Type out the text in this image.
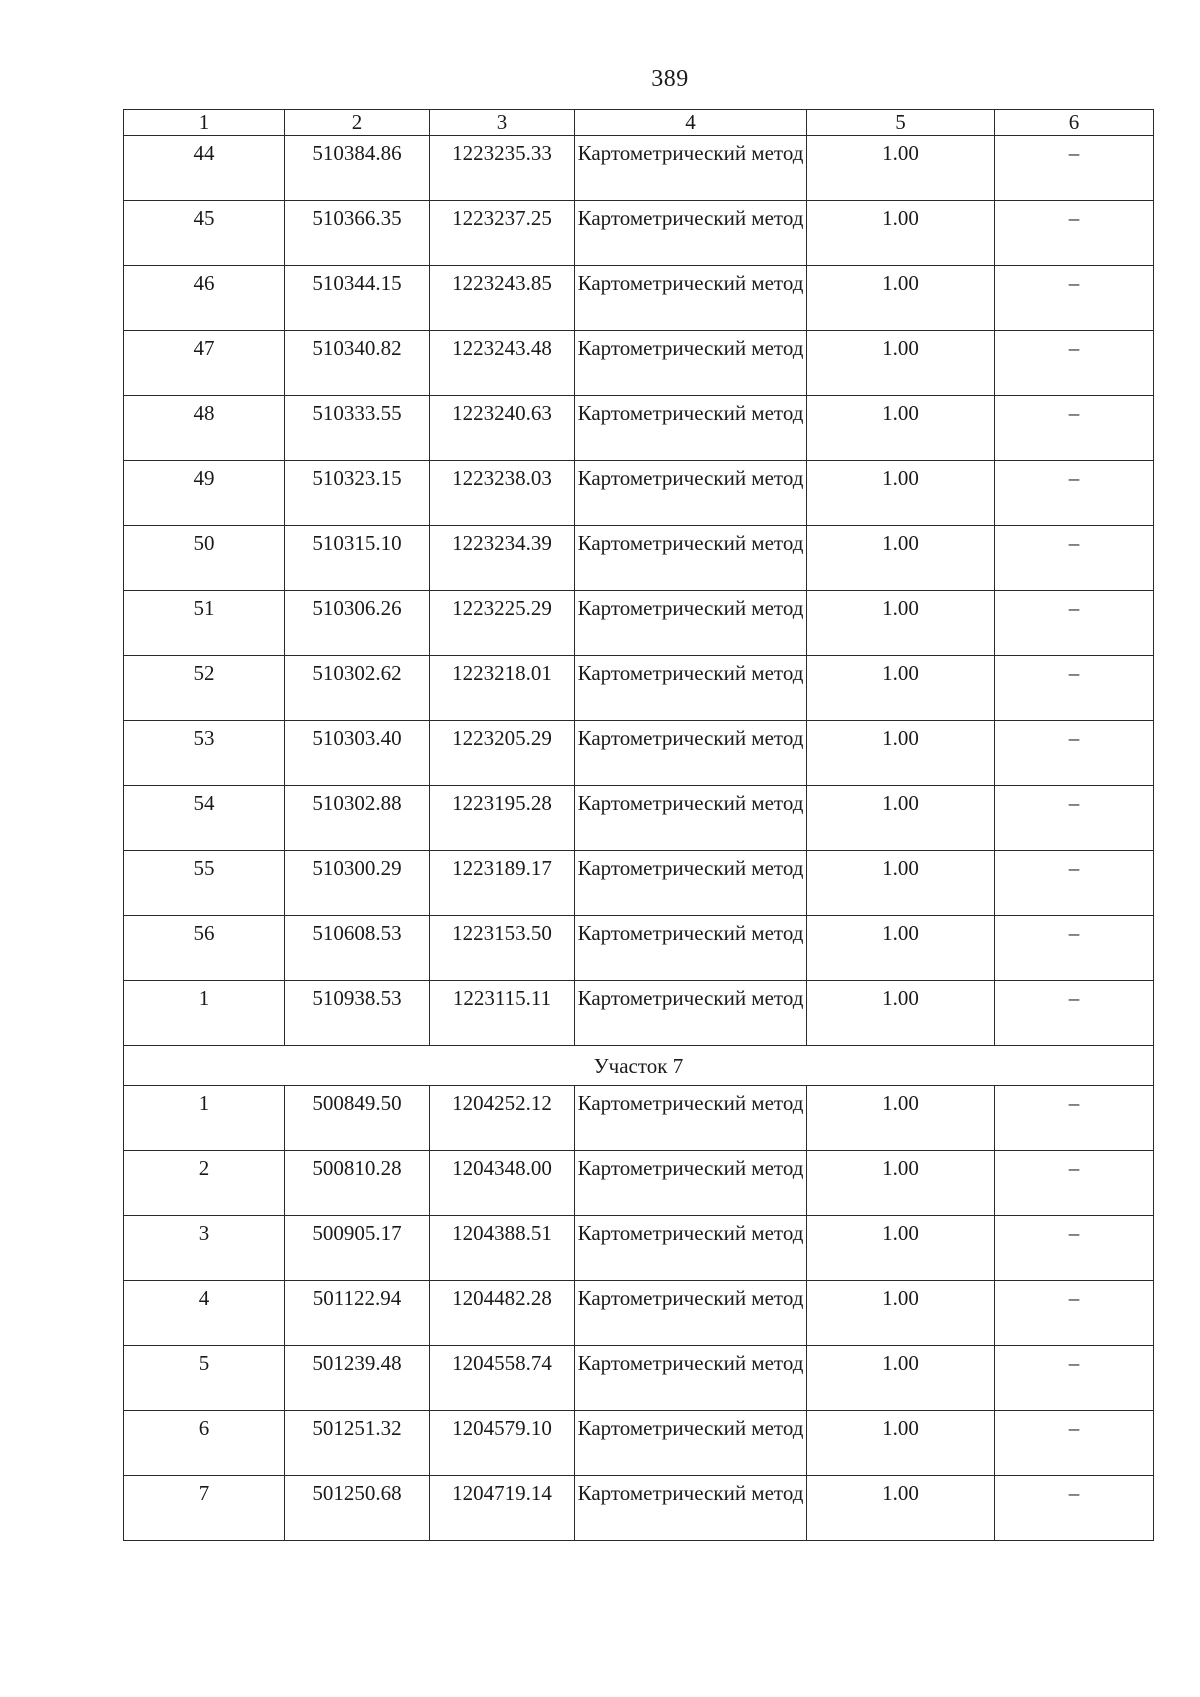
389
1	2	3	4	5	6
44	510384.86	1223235.33	Картометрический метод	1.00	–
45	510366.35	1223237.25	Картометрический метод	1.00	–
46	510344.15	1223243.85	Картометрический метод	1.00	–
47	510340.82	1223243.48	Картометрический метод	1.00	–
48	510333.55	1223240.63	Картометрический метод	1.00	–
49	510323.15	1223238.03	Картометрический метод	1.00	–
50	510315.10	1223234.39	Картометрический метод	1.00	–
51	510306.26	1223225.29	Картометрический метод	1.00	–
52	510302.62	1223218.01	Картометрический метод	1.00	–
53	510303.40	1223205.29	Картометрический метод	1.00	–
54	510302.88	1223195.28	Картометрический метод	1.00	–
55	510300.29	1223189.17	Картометрический метод	1.00	–
56	510608.53	1223153.50	Картометрический метод	1.00	–
1	510938.53	1223115.11	Картометрический метод	1.00	–
Участок 7					
1	500849.50	1204252.12	Картометрический метод	1.00	–
2	500810.28	1204348.00	Картометрический метод	1.00	–
3	500905.17	1204388.51	Картометрический метод	1.00	–
4	501122.94	1204482.28	Картометрический метод	1.00	–
5	501239.48	1204558.74	Картометрический метод	1.00	–
6	501251.32	1204579.10	Картометрический метод	1.00	–
7	501250.68	1204719.14	Картометрический метод	1.00	–
